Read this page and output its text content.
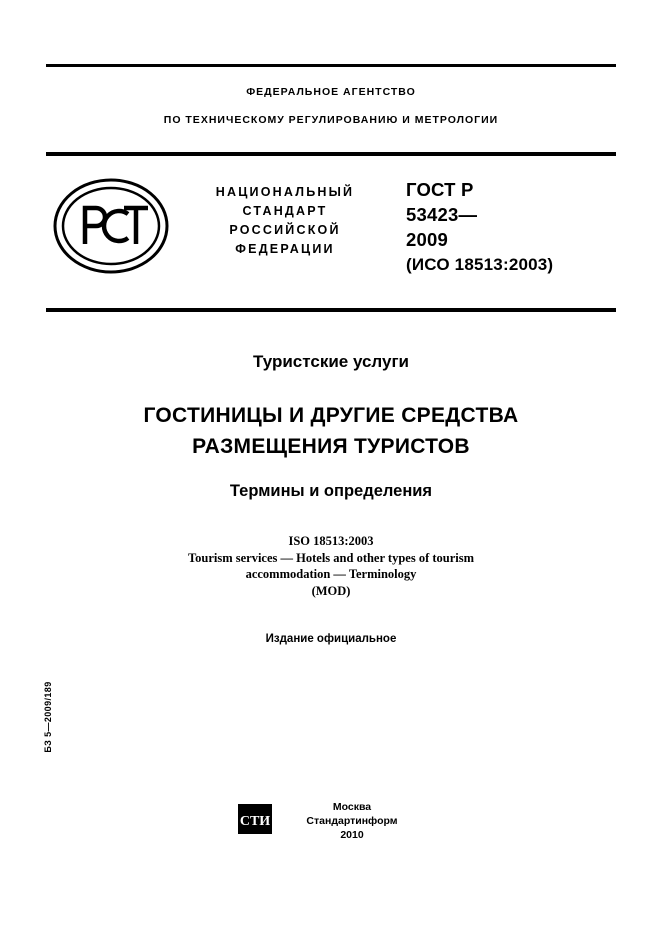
ФЕДЕРАЛЬНОЕ АГЕНТСТВО
ПО ТЕХНИЧЕСКОМУ РЕГУЛИРОВАНИЮ И МЕТРОЛОГИИ
НАЦИОНАЛЬНЫЙ
СТАНДАРТ
РОССИЙСКОЙ
ФЕДЕРАЦИИ
ГОСТ Р
53423—
2009
(ИСО 18513:2003)
Туристские услуги
ГОСТИНИЦЫ И ДРУГИЕ СРЕДСТВА
РАЗМЕЩЕНИЯ ТУРИСТОВ
Термины и определения
ISO 18513:2003
Tourism services — Hotels and other types of tourism
accommodation — Terminology
(MOD)
Издание официальное
БЗ 5—2009/189
СТИ
Москва
Стандартинформ
2010
